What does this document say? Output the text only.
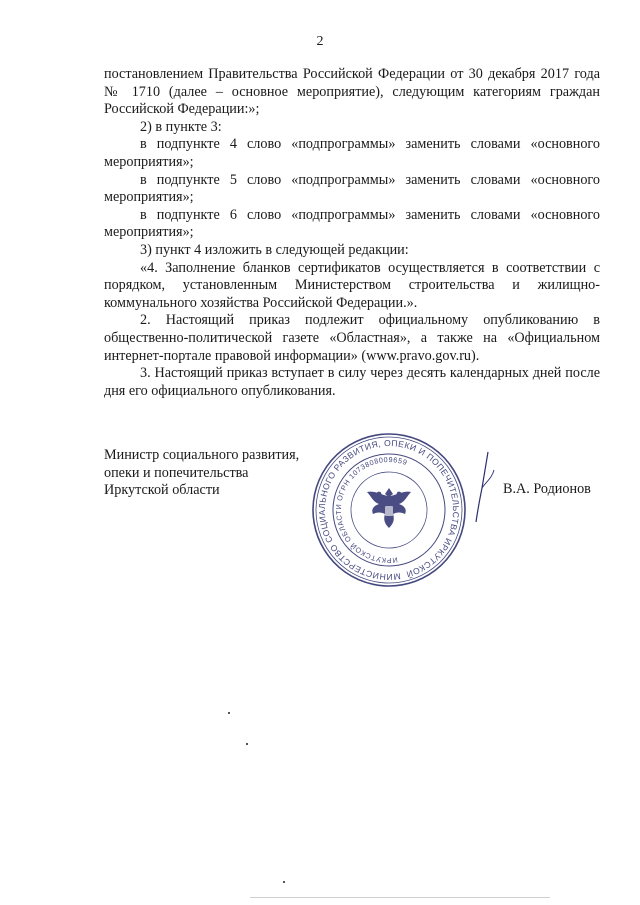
2

постановлением Правительства Российской Федерации от 30 декабря 2017 года № 1710 (далее – основное мероприятие), следующим категориям граждан Российской Федерации:»;

2) в пункте 3:

в подпункте 4 слово «подпрограммы» заменить словами «основного мероприятия»;

в подпункте 5 слово «подпрограммы» заменить словами «основного мероприятия»;

в подпункте 6 слово «подпрограммы» заменить словами «основного мероприятия»;

3) пункт 4 изложить в следующей редакции:

«4. Заполнение бланков сертификатов осуществляется в соответствии с порядком, установленным Министерством строительства и жилищно-коммунального хозяйства Российской Федерации.».

2. Настоящий приказ подлежит официальному опубликованию в общественно-политической газете «Областная», а также на «Официальном интернет-портале правовой информации» (www.pravo.gov.ru).

3. Настоящий приказ вступает в силу через десять календарных дней после дня его официального опубликования.

Министр социального развития,
опеки и попечительства
Иркутской области
МИНИСТЕРСТВО СОЦИАЛЬНОГО РАЗВИТИЯ, ОПЕКИ И ПОПЕЧИТЕЛЬСТВА ИРКУТСКОЙ
ИРКУТСКОЙ ОБЛАСТИ ОГРН 1073808009659
В.А. Родионов
